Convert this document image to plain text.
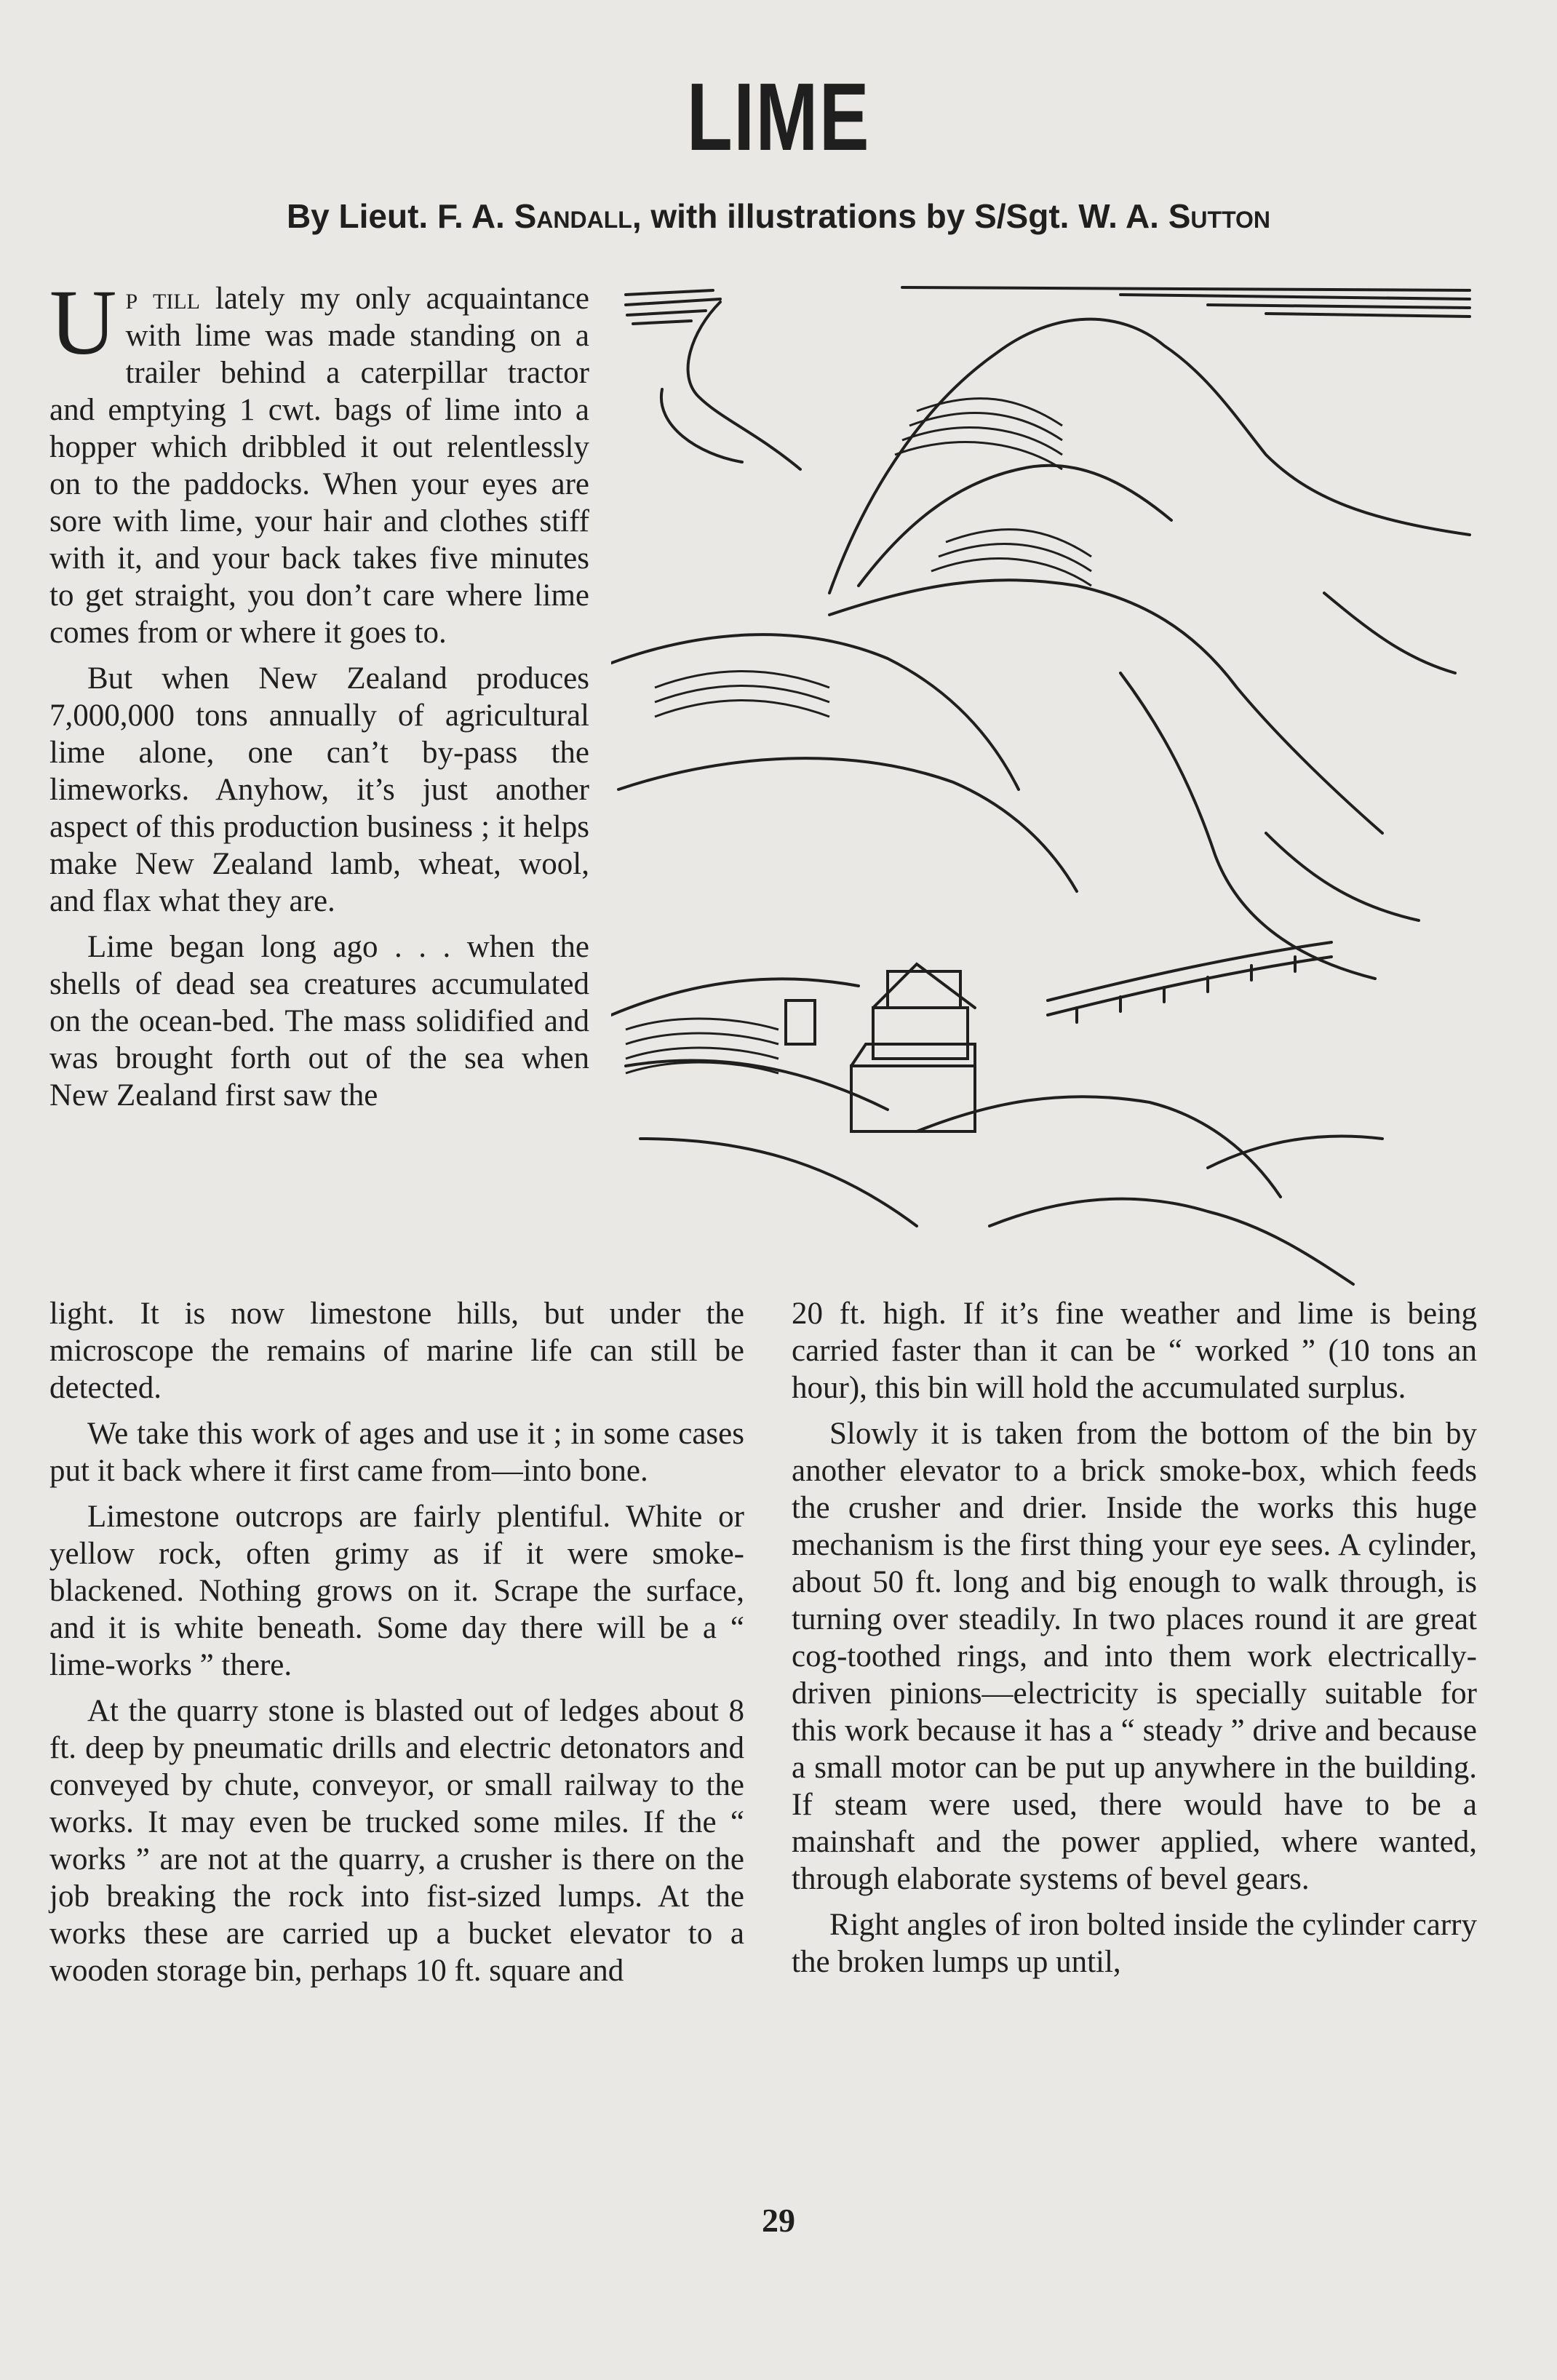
LIME

By Lieut. F. A. Sandall, with illustrations by S/Sgt. W. A. Sutton

Up till lately my only acquaintance with lime was made standing on a trailer behind a caterpillar tractor and emptying 1 cwt. bags of lime into a hopper which dribbled it out relentlessly on to the paddocks. When your eyes are sore with lime, your hair and clothes stiff with it, and your back takes five minutes to get straight, you don’t care where lime comes from or where it goes to.

But when New Zealand produces 7,000,000 tons annually of agricultural lime alone, one can’t by-pass the limeworks. Anyhow, it’s just another aspect of this production business ; it helps make New Zealand lamb, wheat, wool, and flax what they are.

Lime began long ago . . . when the shells of dead sea creatures accumulated on the ocean-bed. The mass solidified and was brought forth out of the sea when New Zealand first saw the

light. It is now limestone hills, but under the microscope the remains of marine life can still be detected.

We take this work of ages and use it ; in some cases put it back where it first came from—into bone.

Limestone outcrops are fairly plentiful. White or yellow rock, often grimy as if it were smoke-blackened. Nothing grows on it. Scrape the surface, and it is white beneath. Some day there will be a “ lime-works ” there.

At the quarry stone is blasted out of ledges about 8 ft. deep by pneumatic drills and electric detonators and conveyed by chute, conveyor, or small railway to the works. It may even be trucked some miles. If the “ works ” are not at the quarry, a crusher is there on the job breaking the rock into fist-sized lumps. At the works these are carried up a bucket elevator to a wooden storage bin, perhaps 10 ft. square and

20 ft. high. If it’s fine weather and lime is being carried faster than it can be “ worked ” (10 tons an hour), this bin will hold the accumulated surplus.

Slowly it is taken from the bottom of the bin by another elevator to a brick smoke-box, which feeds the crusher and drier. Inside the works this huge mechanism is the first thing your eye sees. A cylinder, about 50 ft. long and big enough to walk through, is turning over steadily. In two places round it are great cog-toothed rings, and into them work electrically-driven pinions—electricity is specially suitable for this work because it has a “ steady ” drive and because a small motor can be put up anywhere in the building. If steam were used, there would have to be a mainshaft and the power applied, where wanted, through elaborate systems of bevel gears.

Right angles of iron bolted inside the cylinder carry the broken lumps up until,

29
